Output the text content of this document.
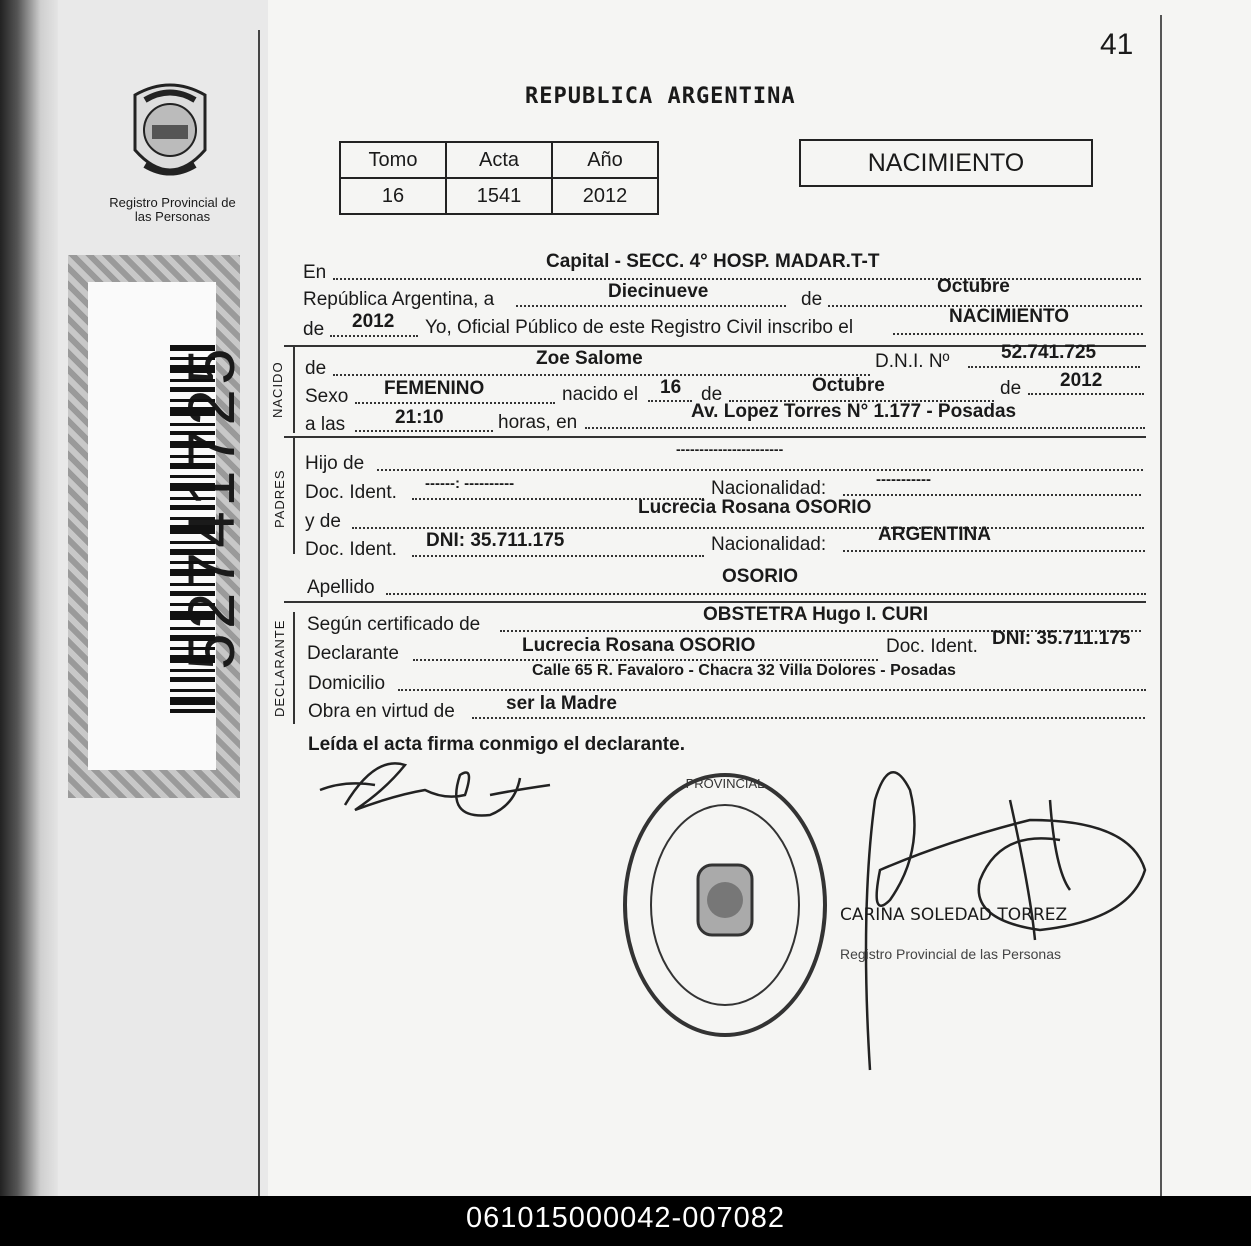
Registro Provincial de las Personas
41
REPUBLICA ARGENTINA
Tomo	Acta	Año
16	1541	2012
NACIMIENTO
En
Capital - SECC. 4° HOSP. MADAR.T-T
República Argentina, a	Diecinueve	de
Octubre
de 2012 Yo, Oficial Público de este Registro Civil inscribo el
NACIMIENTO
NACIDO de	Zoe Salome	D.N.I. Nº	52.741.725
Sexo FEMENINO	nacido el 16 de	Octubre	de 2012
a las	21:10	horas, en
Av. Lopez Torres N° 1.177 - Posadas
PADRES
Hijo de
-----------------------
Doc. Ident. ------: ----------	Nacionalidad:	-----------
y de
Lucrecia Rosana OSORIO
Doc. Ident. DNI: 35.711.175	Nacionalidad:	ARGENTINA
Apellido
OSORIO
DECLARANTE Según certificado de	OBSTETRA Hugo I. CURI
Declarante	Lucrecia Rosana OSORIO	Doc. Ident. DNI: 35.711.175
Domicilio
Calle 65 R. Favaloro - Chacra 32 Villa Dolores - Posadas
Obra en virtud de	ser la Madre
Leída el acta firma conmigo el declarante.
PROVINCIAL
CARINA SOLEDAD TORREZ
Registro Provincial de las Personas
061015000042-007082
